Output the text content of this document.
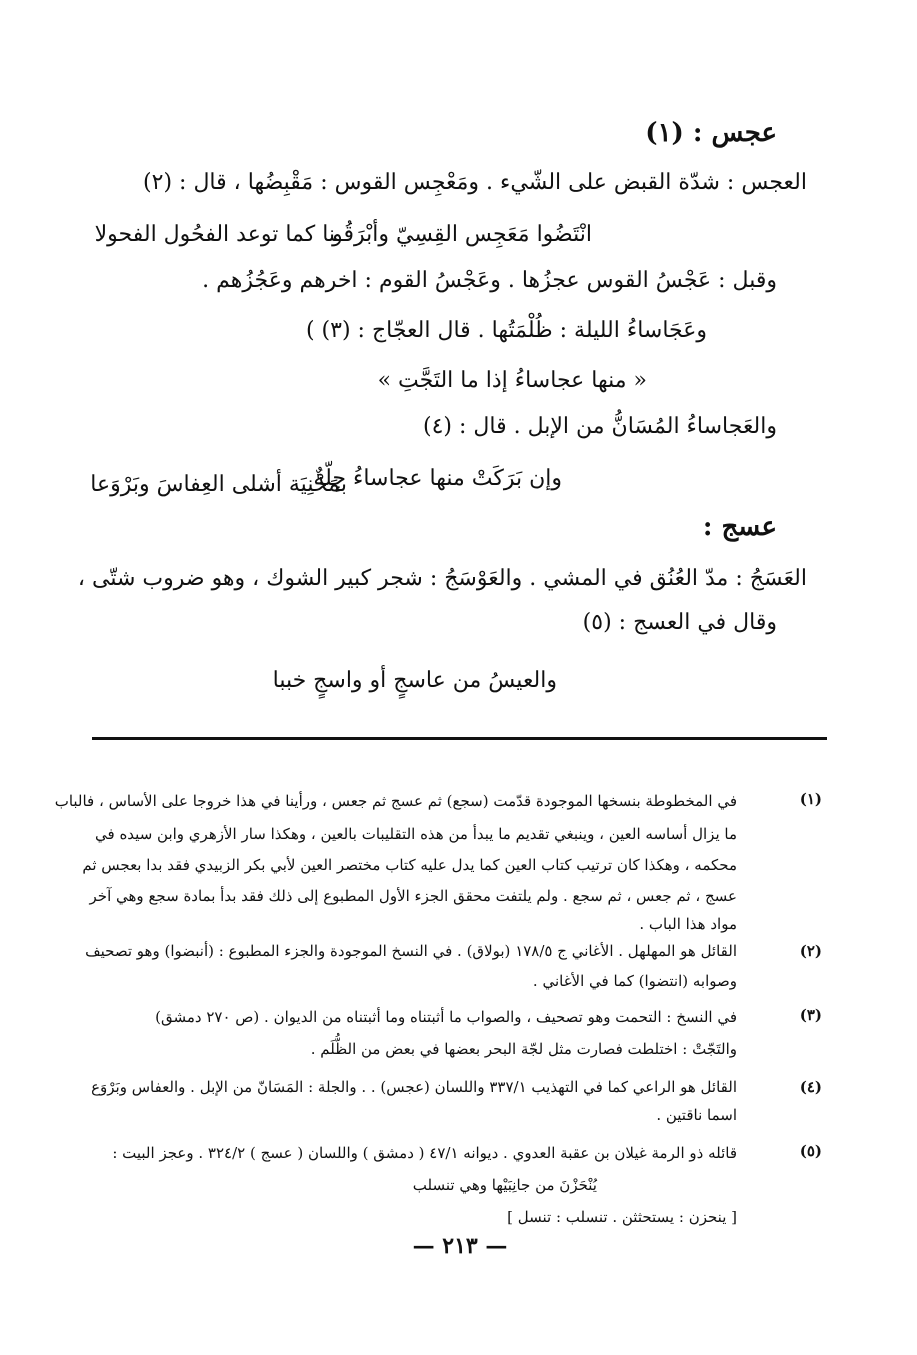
عجس : (١)
العجس : شدّة القبض على الشّيء . ومَعْجِس القوس : مَقْبِضُها ، قال : (٢)
انْتَضُوا مَعَجِس القِسِيّ وأبْرَقُو
ـنا كما توعد الفحُول الفحولا
وقبل : عَجْسُ القوس عجزُها . وعَجْسُ القوم : اخرهم وعَجُزُهم .
وعَجَاساءُ الليلة : ظُلْمَتُها . قال العجّاج : (٣) )
« منها عجاساءُ إذا ما التَجَّتِ »
والعَجاساءُ المُسَانُّ من الإبل . قال : (٤)
وإن بَرَكَتْ منها عجاساءُ جِلّةٌ
بمَحْنِيَة أشلى العِفاسَ وبَرْوَعا
عسج :
العَسَجُ : مدّ العُنُق في المشي . والعَوْسَجُ : شجر كبير الشوك ، وهو ضروب شتّى ،
وقال في العسج : (٥)
والعيسُ من عاسجٍ أو واسجٍ خببا
(١)
في المخطوطة بنسخها الموجودة قدّمت (سجع) ثم عسج ثم جعس ، ورأينا في هذا خروجا على الأساس ، فالباب
ما يزال أساسه العين ، وينبغي تقديم ما يبدأ من هذه التقليبات بالعين ، وهكذا سار الأزهري وابن سيده في
محكمه ، وهكذا كان ترتيب كتاب العين كما يدل عليه كتاب مختصر العين لأبي بكر الزبيدي فقد بدا بعجس ثم
عسج ، ثم جعس ، ثم سجع . ولم يلتفت محقق الجزء الأول المطبوع إلى ذلك فقد بدأ بمادة سجع وهي آخر
مواد هذا الباب .
(٢)
القائل هو المهلهل . الأغاني ج ١٧٨/٥ (بولاق) . في النسخ الموجودة والجزء المطبوع : (أنبضوا) وهو تصحيف
وصوابه (انتضوا) كما في الأغاني .
(٣)
في النسخ : التحمت وهو تصحيف ، والصواب ما أثبتناه وما أثبتناه من الديوان . (ص ٢٧٠ دمشق)
والتَجّتْ : اختلطت فصارت مثل لجّة البحر بعضها في بعض من الظُّلَم .
(٤)
القائل هو الراعي كما في التهذيب ٣٣٧/١ واللسان (عجس) . . والجلة : المَسَانّ من الإبل . والعفاس وبَرْوَع
اسما ناقتين .
(٥)
قائله ذو الرمة غيلان بن عقبة العدوي . ديوانه ٤٧/١ ( دمشق ) واللسان ( عسج ) ٣٢٤/٢ . وعجز البيت :
يُنْحَزْنَ من جانِبَيْها وهي تنسلب
[ ينحزن : يستحثثن . تنسلب : تنسل ]
— ٢١٣ —
